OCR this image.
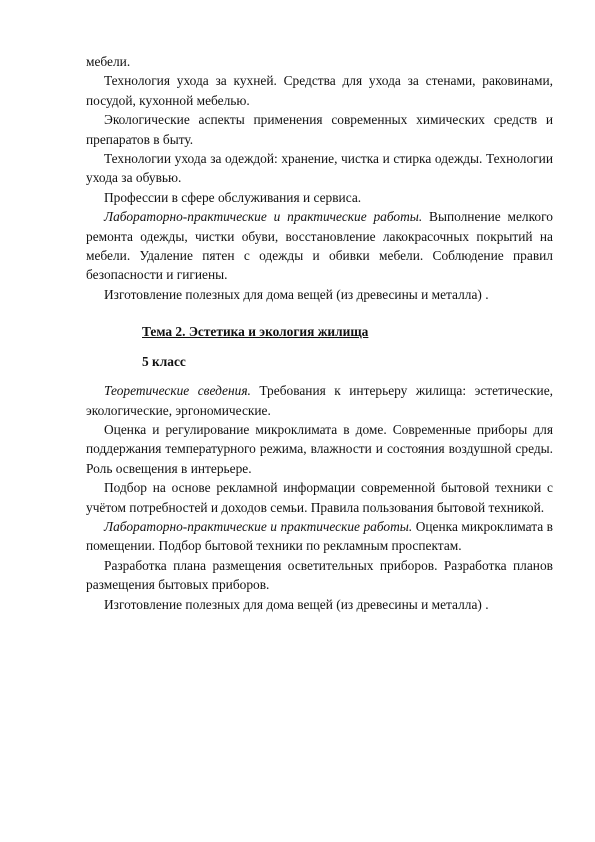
мебели.

Технология ухода за кухней. Средства для ухода за стенами, раковинами, посудой, кухонной мебелью.

Экологические аспекты применения современных химических средств и препаратов в быту.

Технологии ухода за одеждой: хранение, чистка и стирка одежды. Технологии ухода за обувью.

Профессии в сфере обслуживания и сервиса.

Лабораторно-практические и практические работы. Выполнение мелкого ремонта одежды, чистки обуви, восстановление лакокрасочных покрытий на мебели. Удаление пятен с одежды и обивки мебели. Соблюдение правил безопасности и гигиены.

Изготовление полезных для дома вещей (из древесины и металла) .

Тема 2. Эстетика и экология жилища

5 класс

Теоретические сведения. Требования к интерьеру жилища: эстетические, экологические, эргономические.

Оценка и регулирование микроклимата в доме. Современные приборы для поддержания температурного режима, влажности и состояния воздушной среды. Роль освещения в интерьере.

Подбор на основе рекламной информации современной бытовой техники с учётом потребностей и доходов семьи. Правила пользования бытовой техникой.

Лабораторно-практические и практические работы. Оценка микроклимата в помещении. Подбор бытовой техники по рекламным проспектам.

Разработка плана размещения осветительных приборов. Разработка планов размещения бытовых приборов.

Изготовление полезных для дома вещей (из древесины и металла) .
